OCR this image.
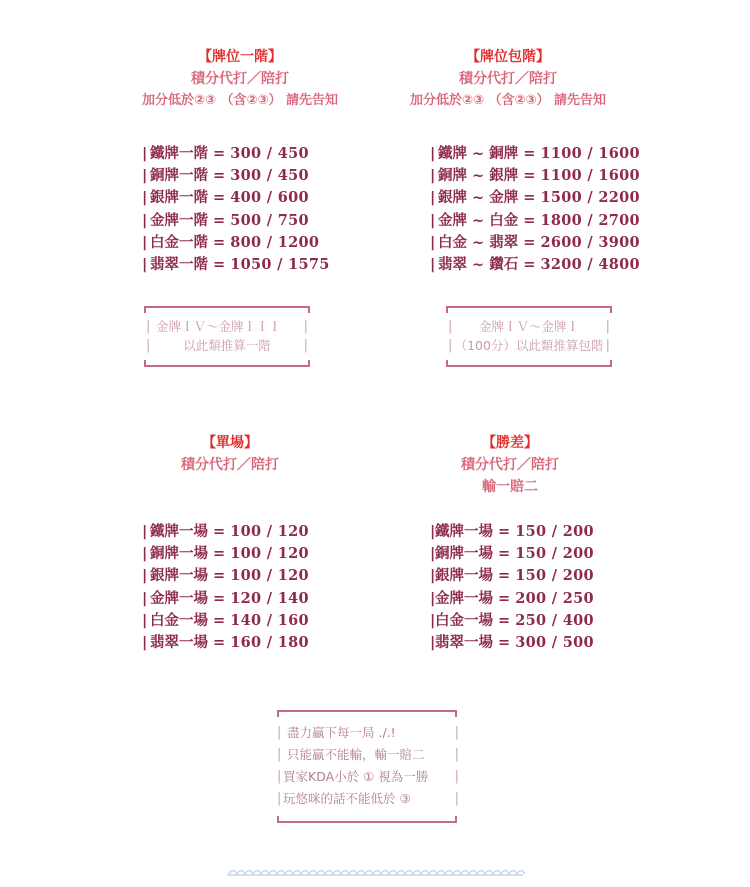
【牌位一階】
積分代打／陪打
加分低於②③ （含②③） 請先告知
| 鐵牌一階 = 300 / 450
| 銅牌一階 = 300 / 450
| 銀牌一階 = 400 / 600
| 金牌一階 = 500 / 750
| 白金一階 = 800 / 1200
| 翡翠一階 = 1050 / 1575
|	|
|	|
金牌ＩＶ～金牌ＩＩＩ
以此類推算一階
【牌位包階】
積分代打／陪打
加分低於②③ （含②③） 請先告知
| 鐵牌 ~ 銅牌 = 1100 / 1600
| 銅牌 ~ 銀牌 = 1100 / 1600
| 銀牌 ~ 金牌 = 1500 / 2200
| 金牌 ~ 白金 = 1800 / 2700
| 白金 ~ 翡翠 = 2600 / 3900
| 翡翠 ~ 鑽石 = 3200 / 4800
|	|
|	|
金牌ＩＶ～金牌Ｉ
（100分）以此類推算包階
【單場】
積分代打／陪打
| 鐵牌一場 = 100 / 120
| 銅牌一場 = 100 / 120
| 銀牌一場 = 100 / 120
| 金牌一場 = 120 / 140
| 白金一場 = 140 / 160
| 翡翠一場 = 160 / 180
【勝差】
積分代打／陪打
輸一賠二
|鐵牌一場 = 150 / 200
|銅牌一場 = 150 / 200
|銀牌一場 = 150 / 200
|金牌一場 = 200 / 250
|白金一場 = 250 / 400
|翡翠一場 = 300 / 500
|	|
|	|
|	|
|	|
盡力贏下每一局 ./.!
只能贏不能輸，輸一賠二
買家KDA小於 ① 視為一勝
玩悠咪的話不能低於 ③
